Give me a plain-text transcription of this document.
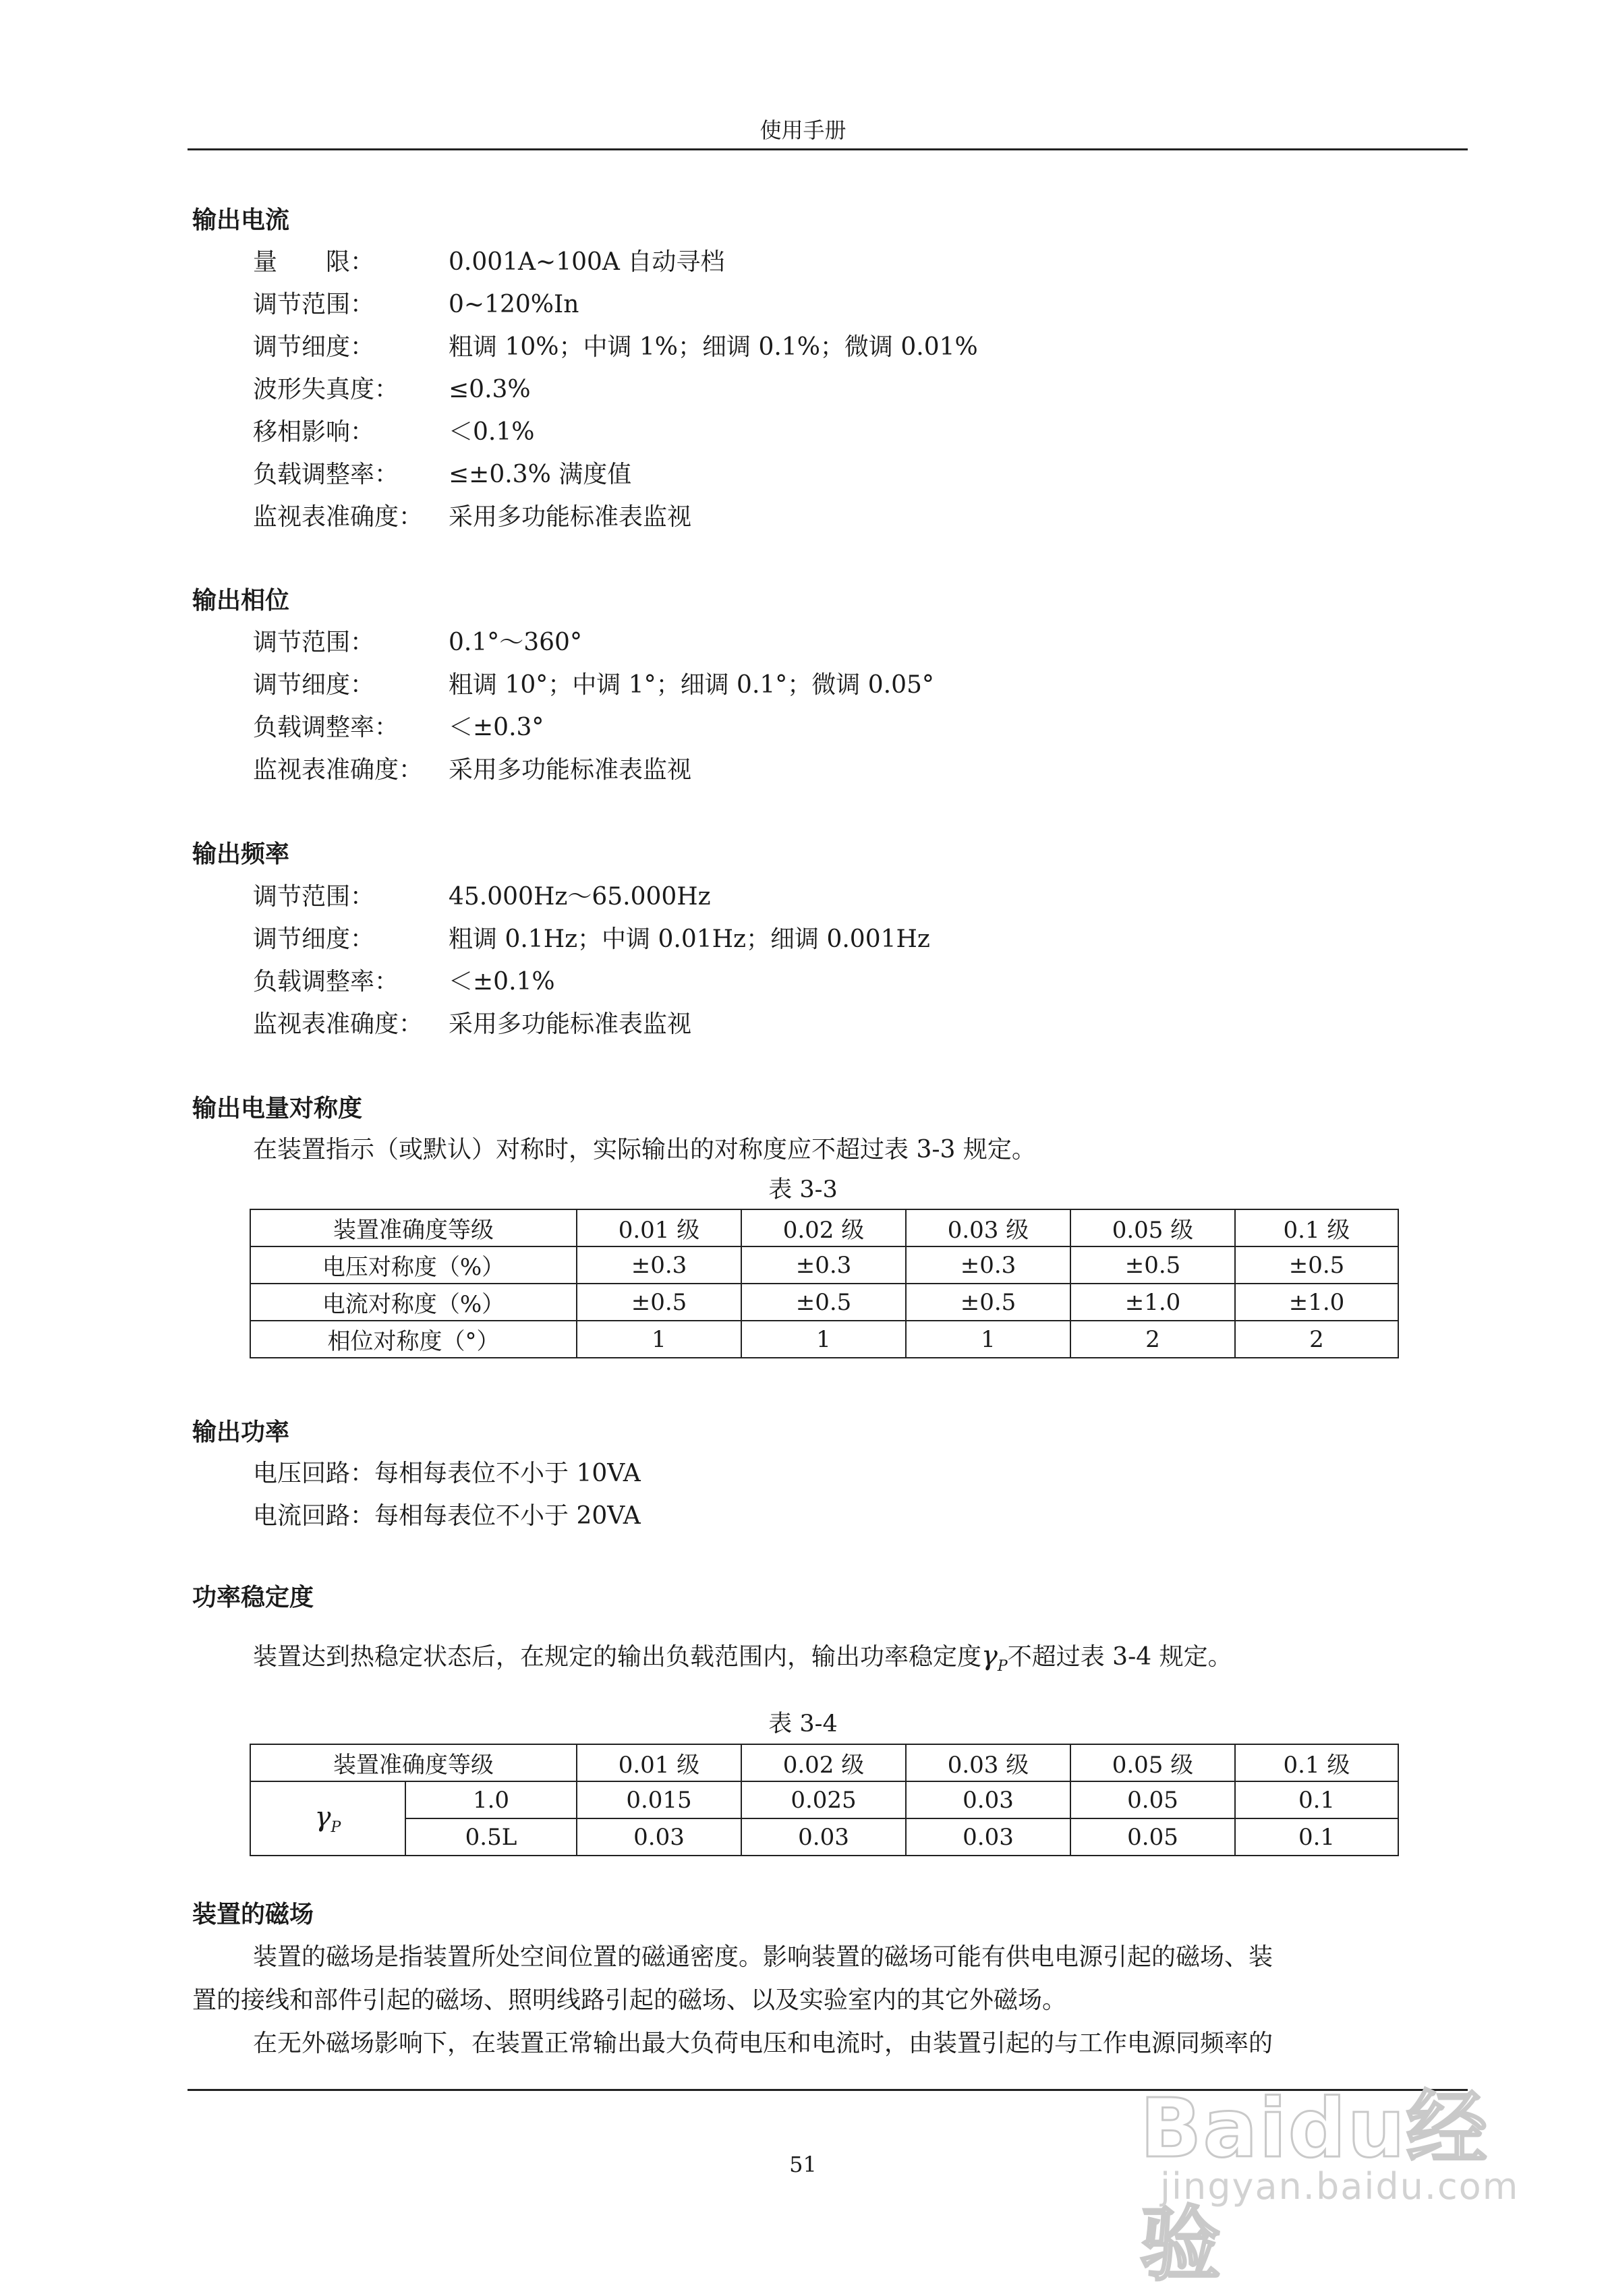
使用手册
输出电流
量　　限：	0.001A~100A 自动寻档
调节范围：	0~120%In
调节细度：	粗调 10%；中调 1%；细调 0.1%；微调 0.01%
波形失真度： ≤0.3%
移相影响：	＜0.1%
负载调整率： ≤±0.3% 满度值
监视表准确度： 采用多功能标准表监视
输出相位
调节范围：	0.1°～360°
调节细度：	粗调 10°；中调 1°；细调 0.1°；微调 0.05°
负载调整率： ＜±0.3°
监视表准确度： 采用多功能标准表监视
输出频率
调节范围：	45.000Hz～65.000Hz
调节细度：	粗调 0.1Hz；中调 0.01Hz；细调 0.001Hz
负载调整率： ＜±0.1%
监视表准确度： 采用多功能标准表监视
输出电量对称度
在装置指示（或默认）对称时，实际输出的对称度应不超过表 3-3 规定。
表 3-3
装置准确度等级	0.01 级	0.02 级	0.03 级	0.05 级	0.1 级
电压对称度（%）	±0.3	±0.3	±0.3	±0.5	±0.5
电流对称度（%）	±0.5	±0.5	±0.5	±1.0	±1.0
相位对称度（°）	1	1	1	2	2
输出功率
电压回路：每相每表位不小于 10VA
电流回路：每相每表位不小于 20VA
功率稳定度
装置达到热稳定状态后，在规定的输出负载范围内，输出功率稳定度$\gamma_P$不超过表 3-4 规定。
表 3-4
装置准确度等级		0.01 级	0.02 级	0.03 级	0.05 级	0.1 级
$\gamma_P$	1.0	0.015	0.025	0.03	0.05	0.1
	0.5L	0.03	0.03	0.03	0.05	0.1
装置的磁场
装置的磁场是指装置所处空间位置的磁通密度。影响装置的磁场可能有供电电源引起的磁场、装
置的接线和部件引起的磁场、照明线路引起的磁场、以及实验室内的其它外磁场。
在无外磁场影响下，在装置正常输出最大负荷电压和电流时，由装置引起的与工作电源同频率的
51	Baidu经验
jingyan.baidu.com
